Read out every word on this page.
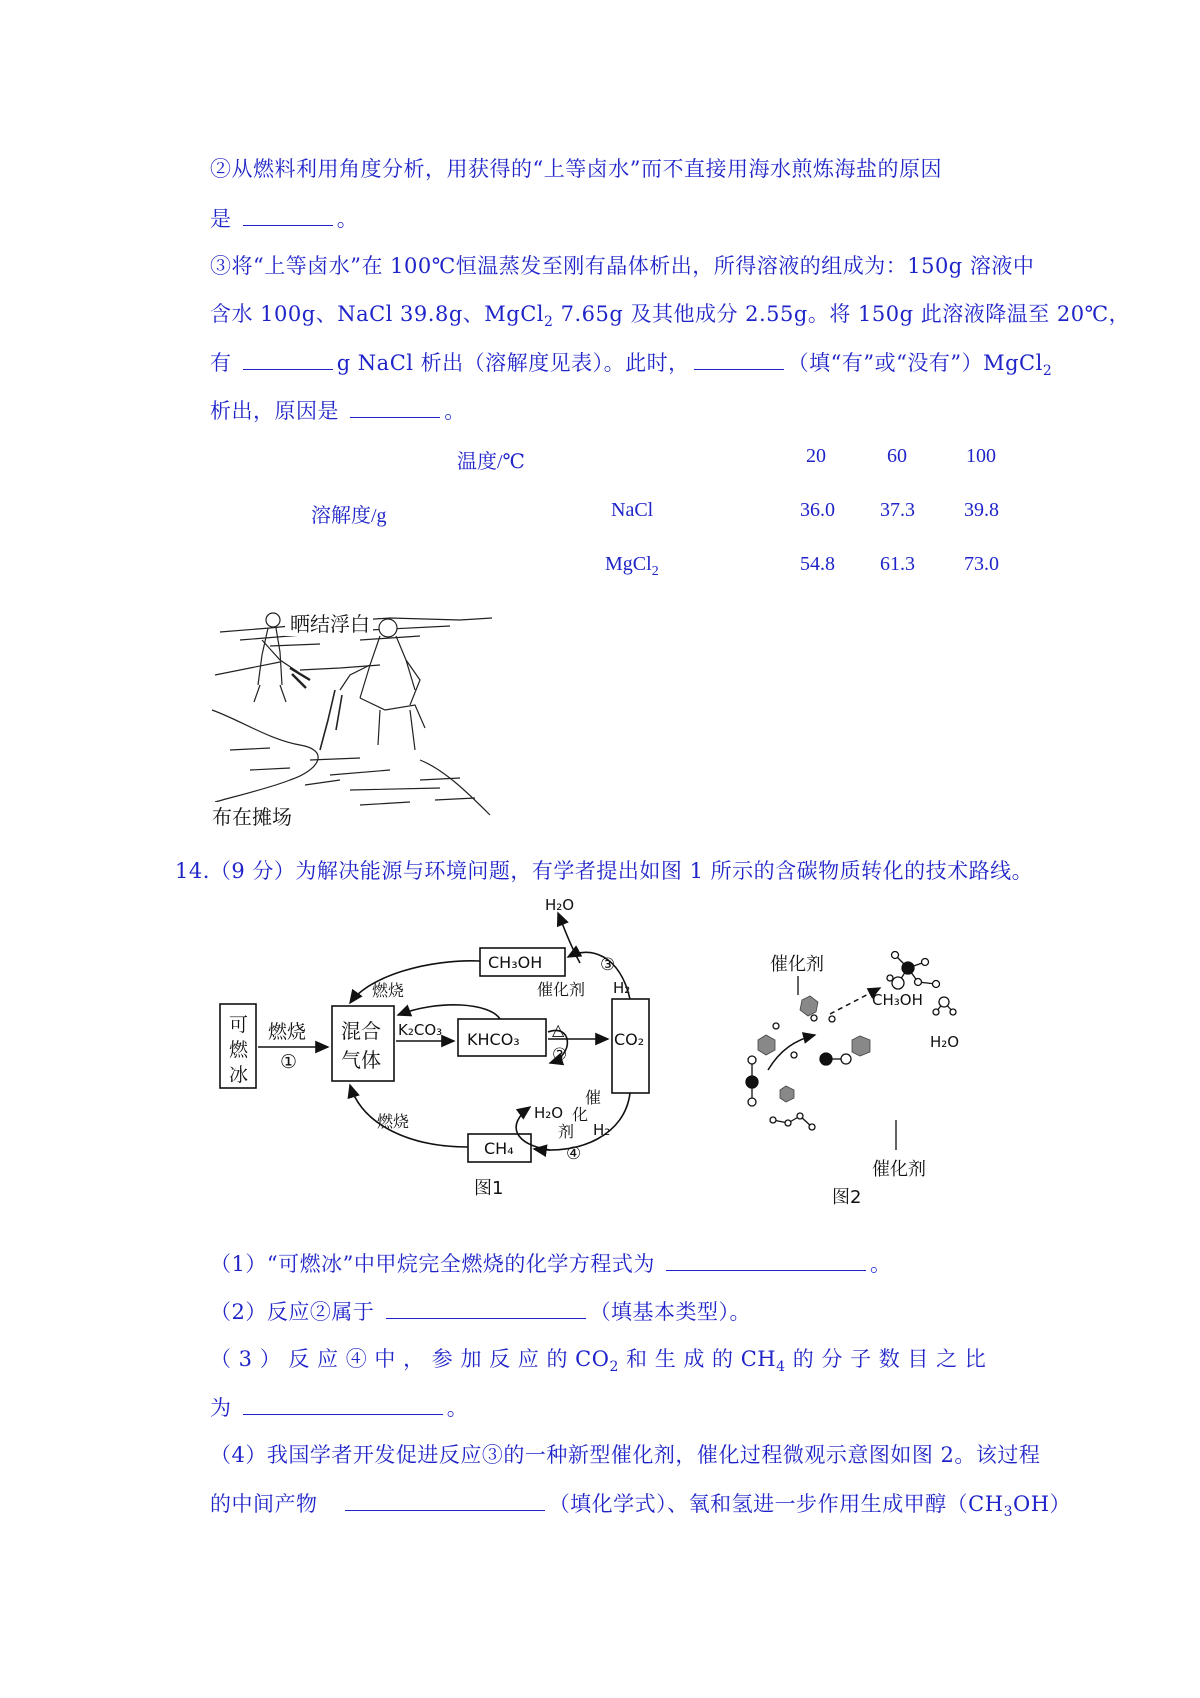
②从燃料利用角度分析，用获得的“上等卤水”而不直接用海水煎炼海盐的原因
是	。
③将“上等卤水”在 100℃恒温蒸发至刚有晶体析出，所得溶液的组成为：150g 溶液中
含水 100g、NaCl 39.8g、MgCl$_2$ 7.65g 及其他成分 2.55g。将 150g 此溶液降温至 20℃，
有	g NaCl 析出（溶解度见表）。此时，	（填“有”或“没有”）MgCl$_2$
析出，原因是	。
温度/℃	20	60	100
溶解度/g	NaCl	36.0 37.3 39.8
MgCl$_2$	54.8 61.3 73.0
晒结浮白
布在摊场
14.（9 分）为解决能源与环境问题，有学者提出如图 1 所示的含碳物质转化的技术路线。
可
燃
冰
燃烧
①
混合
气体
K₂CO₃ KHCO₃
△
②
CO₂
CH₃OH
H₂O
③
催化剂 H₂
燃烧
燃烧
CH₄
H₂O
催
化
剂 H₂
④
图1
催化剂
CH₃OH
H₂O
催化剂
图2
（1）“可燃冰”中甲烷完全燃烧的化学方程式为	。
（2）反应②属于	（填基本类型）。
（ 3 ） 反 应 ④ 中 ， 参 加 反 应 的 $CO_2$ 和 生 成 的 $CH_4$ 的 分 子 数 目 之 比
为	。
（4）我国学者开发促进反应③的一种新型催化剂，催化过程微观示意图如图 2。该过程
的中间产物	（填化学式）、氧和氢进一步作用生成甲醇$(CH_3OH)$
